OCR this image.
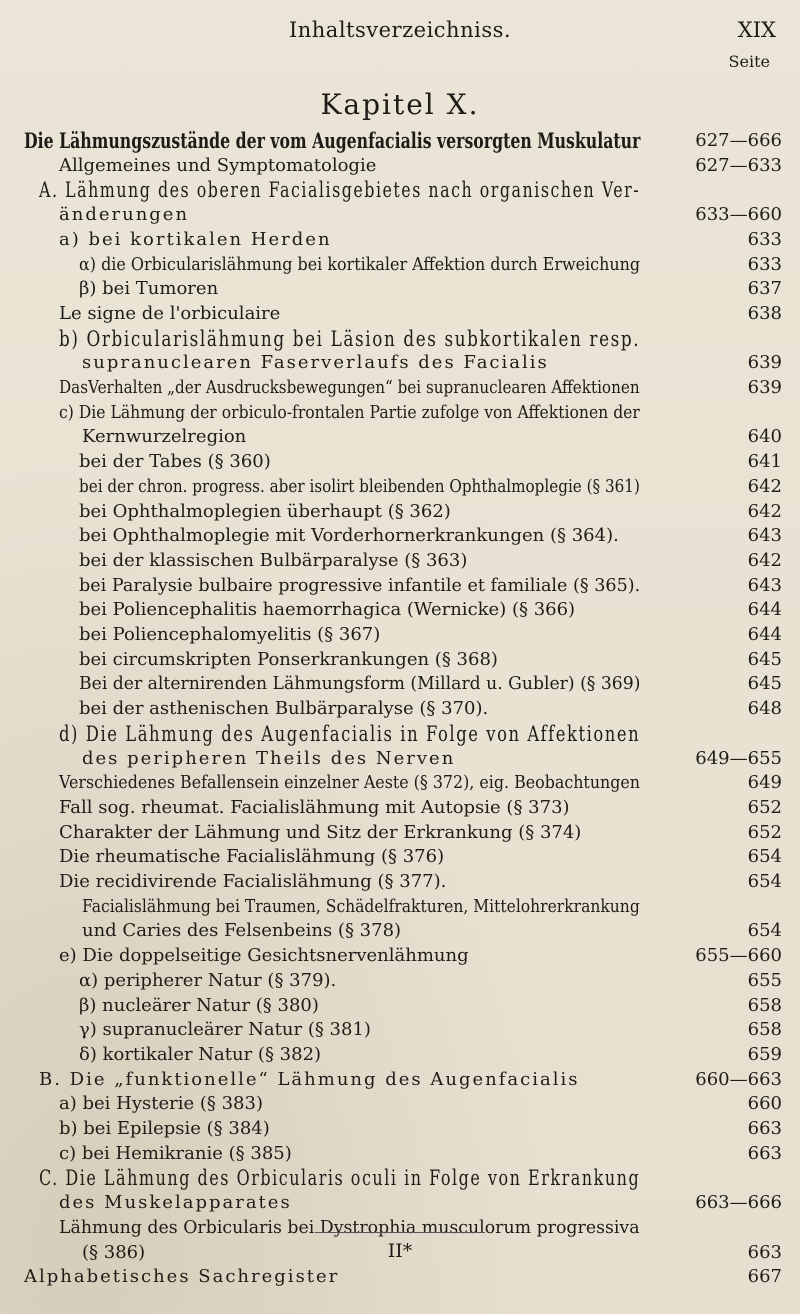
Inhaltsverzeichniss.	XIX
Seite
Kapitel X.
Die Lähmungszustände der vom Augenfacialis versorgten Muskulatur	627—666
Allgemeines und Symptomatologie	627—633
A. Lähmung des oberen Facialisgebietes nach organischen Ver-
änderungen	633—660
a) bei kortikalen Herden	633
α) die Orbicularislähmung bei kortikaler Affektion durch Erweichung	633
β) bei Tumoren	637
Le signe de l'orbiculaire	638
b) Orbicularislähmung bei Läsion des subkortikalen resp.
supranuclearen Faserverlaufs des Facialis	639
DasVerhalten „der Ausdrucksbewegungen“ bei supranuclearen Affektionen	639
c) Die Lähmung der orbiculo-frontalen Partie zufolge von Affektionen der
Kernwurzelregion	640
bei der Tabes (§ 360)	641
bei der chron. progress. aber isolirt bleibenden Ophthalmoplegie (§ 361)	642
bei Ophthalmoplegien überhaupt (§ 362)	642
bei Ophthalmoplegie mit Vorderhornerkrankungen (§ 364).	643
bei der klassischen Bulbärparalyse (§ 363)	642
bei Paralysie bulbaire progressive infantile et familiale (§ 365).	643
bei Poliencephalitis haemorrhagica (Wernicke) (§ 366)	644
bei Poliencephalomyelitis (§ 367)	644
bei circumskripten Ponserkrankungen (§ 368)	645
Bei der alternirenden Lähmungsform (Millard u. Gubler) (§ 369)	645
bei der asthenischen Bulbärparalyse (§ 370).	648
d) Die Lähmung des Augenfacialis in Folge von Affektionen
des peripheren Theils des Nerven	649—655
Verschiedenes Befallensein einzelner Aeste (§ 372), eig. Beobachtungen	649
Fall sog. rheumat. Facialislähmung mit Autopsie (§ 373)	652
Charakter der Lähmung und Sitz der Erkrankung (§ 374)	652
Die rheumatische Facialislähmung (§ 376)	654
Die recidivirende Facialislähmung (§ 377).	654
Facialislähmung bei Traumen, Schädelfrakturen, Mittelohrerkrankung
und Caries des Felsenbeins (§ 378)	654
e) Die doppelseitige Gesichtsnervenlähmung	655—660
α) peripherer Natur (§ 379).	655
β) nucleärer Natur (§ 380)	658
γ) supranucleärer Natur (§ 381)	658
δ) kortikaler Natur (§ 382)	659
B. Die „funktionelle“ Lähmung des Augenfacialis	660—663
a) bei Hysterie (§ 383)	660
b) bei Epilepsie (§ 384)	663
c) bei Hemikranie (§ 385)	663
C. Die Lähmung des Orbicularis oculi in Folge von Erkrankung
des Muskelapparates	663—666
Lähmung des Orbicularis bei Dystrophia musculorum progressiva
(§ 386)	663
Alphabetisches Sachregister	667
II*
